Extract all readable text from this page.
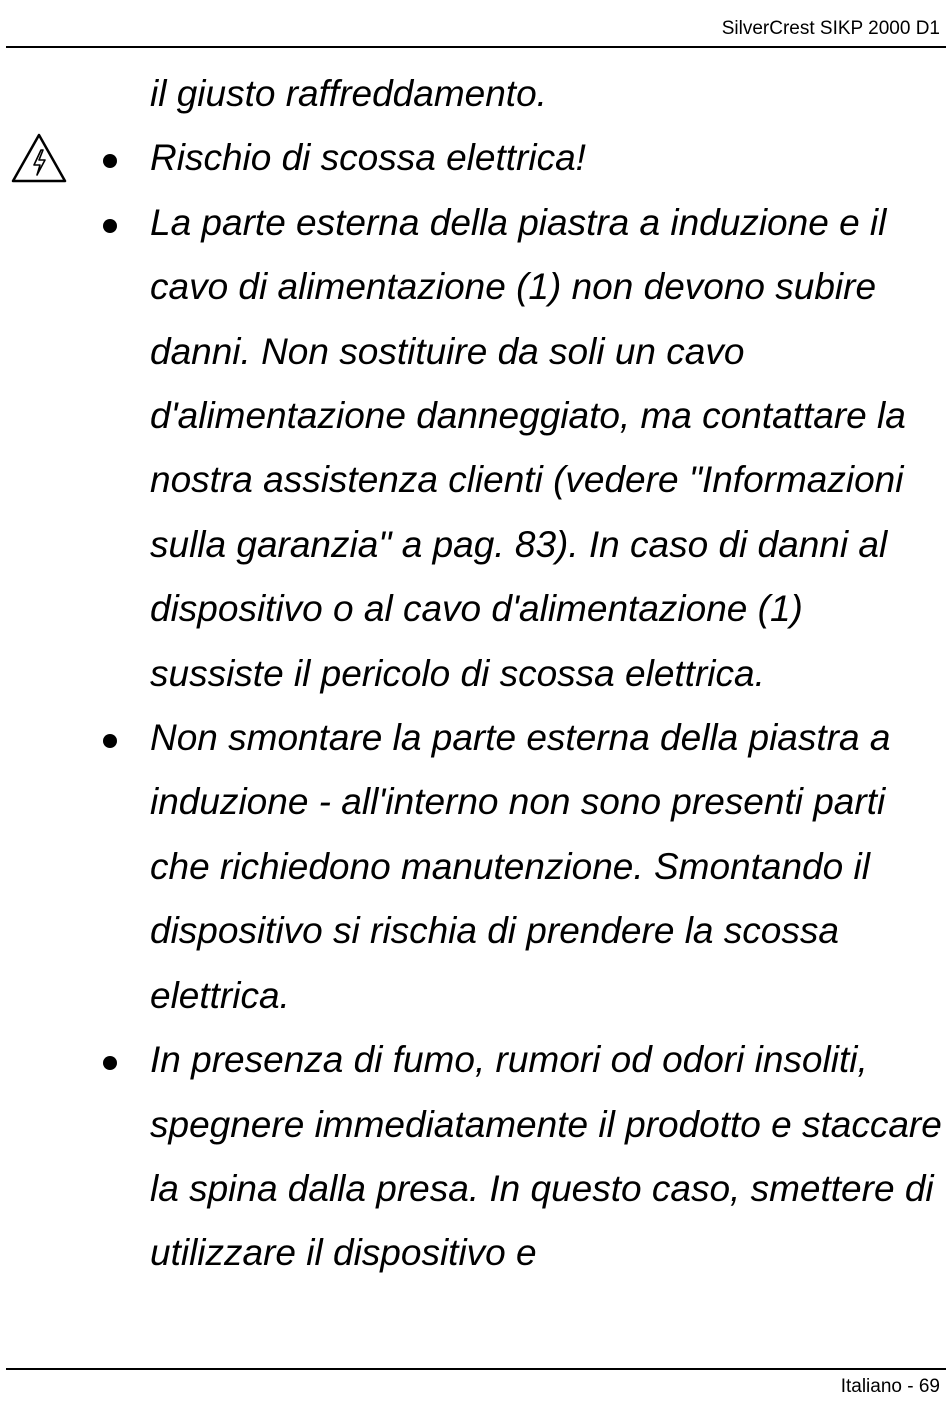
SilverCrest SIKP 2000 D1

il giusto raffreddamento.

Rischio di scossa elettrica!
La parte esterna della piastra a induzione e il cavo di alimentazione (1) non devono subire danni. Non sostituire da soli un cavo d'alimentazione danneggiato, ma contattare la nostra assistenza clienti (vedere "Informazioni sulla garanzia" a pag. 83). In caso di danni al dispositivo o al cavo d'alimentazione (1) sussiste il pericolo di scossa elettrica.
Non smontare la parte esterna della piastra a induzione - all'interno non sono presenti parti che richiedono manutenzione. Smontando il dispositivo si rischia di prendere la scossa elettrica.
In presenza di fumo, rumori od odori insoliti, spegnere immediatamente il prodotto e staccare la spina dalla presa. In questo caso, smettere di utilizzare il dispositivo e
Italiano - 69
